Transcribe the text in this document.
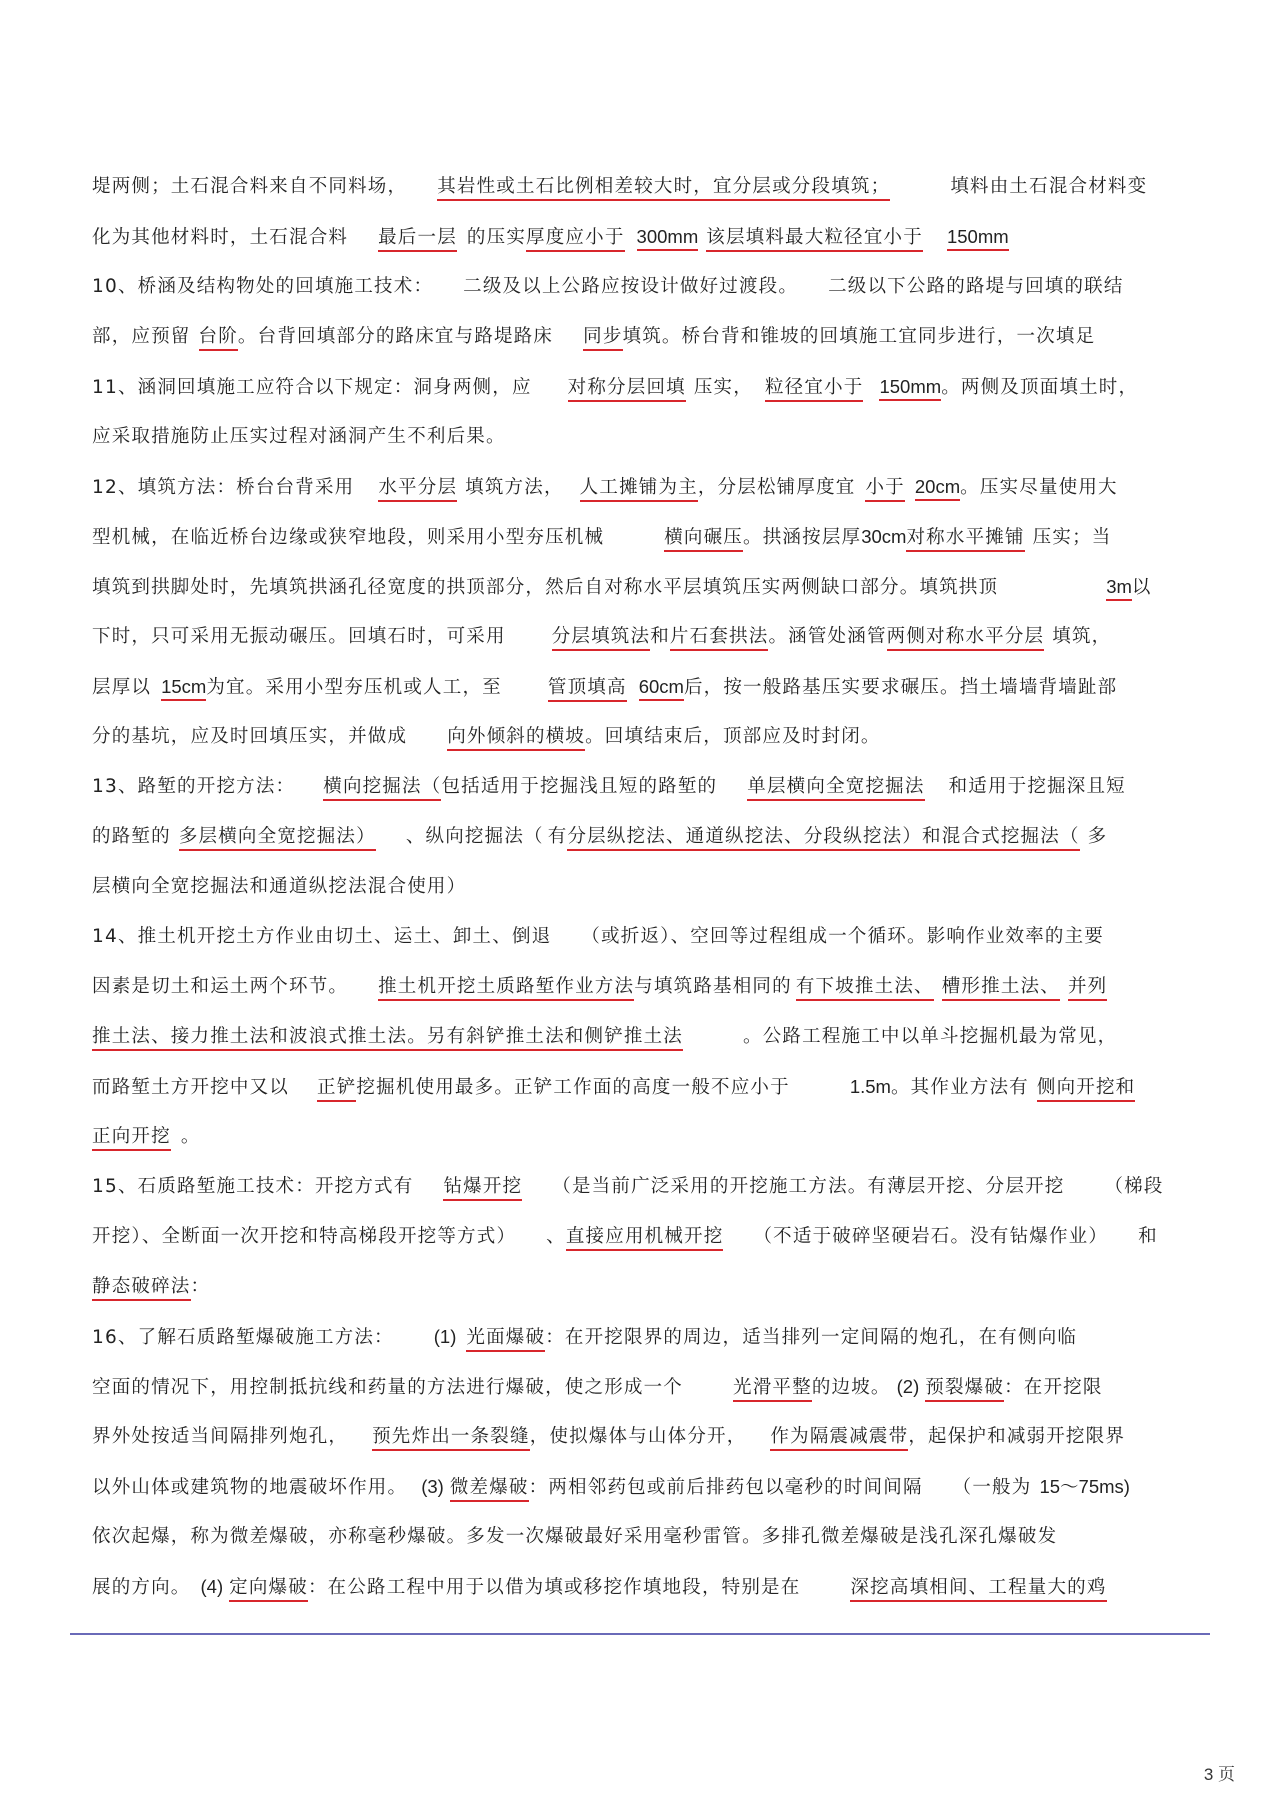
堤两侧；土石混合料来自不同料场， 其岩性或土石比例相差较大时，宜分层或分段填筑；	填料由土石混合材料变
化为其他材料时，土石混合料 最后一层 的压实厚度应小于 300mm 该层填料最大粒径宜小于 150mm
10、桥涵及结构物处的回填施工技术： 二级及以上公路应按设计做好过渡段。 二级以下公路的路堤与回填的联结
部，应预留 台阶。台背回填部分的路床宜与路堤路床 同步填筑。桥台背和锥坡的回填施工宜同步进行，一次填足
11、涵洞回填施工应符合以下规定：洞身两侧，应 对称分层回填 压实， 粒径宜小于 150mm。两侧及顶面填土时，
应采取措施防止压实过程对涵洞产生不利后果。
12、填筑方法：桥台台背采用 水平分层 填筑方法， 人工摊铺为主，分层松铺厚度宜 小于 20cm。压实尽量使用大
型机械，在临近桥台边缘或狭窄地段，则采用小型夯压机械	横向碾压。拱涵按层厚30cm对称水平摊铺 压实；当
填筑到拱脚处时，先填筑拱涵孔径宽度的拱顶部分，然后自对称水平层填筑压实两侧缺口部分。填筑拱顶	3m以
下时，只可采用无振动碾压。回填石时，可采用 分层填筑法和片石套拱法。涵管处涵管两侧对称水平分层 填筑，
层厚以 15cm为宜。采用小型夯压机或人工，至 管顶填高 60cm后，按一般路基压实要求碾压。挡土墙墙背墙趾部
分的基坑，应及时回填压实，并做成 向外倾斜的横坡。回填结束后，顶部应及时封闭。
13、路堑的开挖方法： 横向挖掘法（包括适用于挖掘浅且短的路堑的 单层横向全宽挖掘法 和适用于挖掘深且短
的路堑的 多层横向全宽挖掘法） 、纵向挖掘法（ 有分层纵挖法、通道纵挖法、分段纵挖法）和混合式挖掘法（ 多
层横向全宽挖掘法和通道纵挖法混合使用）
14、推土机开挖土方作业由切土、运土、卸土、倒退 （或折返）、空回等过程组成一个循环。影响作业效率的主要
因素是切土和运土两个环节。 推土机开挖土质路堑作业方法与填筑路基相同的 有下坡推土法、 槽形推土法、 并列
推土法、接力推土法和波浪式推土法。另有斜铲推土法和侧铲推土法	。公路工程施工中以单斗挖掘机最为常见，
而路堑土方开挖中又以 正铲挖掘机使用最多。正铲工作面的高度一般不应小于	1.5m。其作业方法有 侧向开挖和
正向开挖 。
15、石质路堑施工技术：开挖方式有 钻爆开挖 （是当前广泛采用的开挖施工方法。有薄层开挖、分层开挖 （梯段
开挖）、全断面一次开挖和特高梯段开挖等方式） 、直接应用机械开挖 （不适于破碎坚硬岩石。没有钻爆作业） 和
静态破碎法：
16、了解石质路堑爆破施工方法： (1) 光面爆破：在开挖限界的周边，适当排列一定间隔的炮孔，在有侧向临
空面的情况下，用控制抵抗线和药量的方法进行爆破，使之形成一个	光滑平整的边坡。 (2) 预裂爆破：在开挖限
界外处按适当间隔排列炮孔， 预先炸出一条裂缝，使拟爆体与山体分开， 作为隔震减震带，起保护和减弱开挖限界
以外山体或建筑物的地震破坏作用。 (3) 微差爆破：两相邻药包或前后排药包以毫秒的时间间隔 （一般为 15～75ms)
依次起爆，称为微差爆破，亦称毫秒爆破。多发一次爆破最好采用毫秒雷管。多排孔微差爆破是浅孔深孔爆破发
展的方向。 (4) 定向爆破：在公路工程中用于以借为填或移挖作填地段，特别是在	深挖高填相间、工程量大的鸡
3 页
